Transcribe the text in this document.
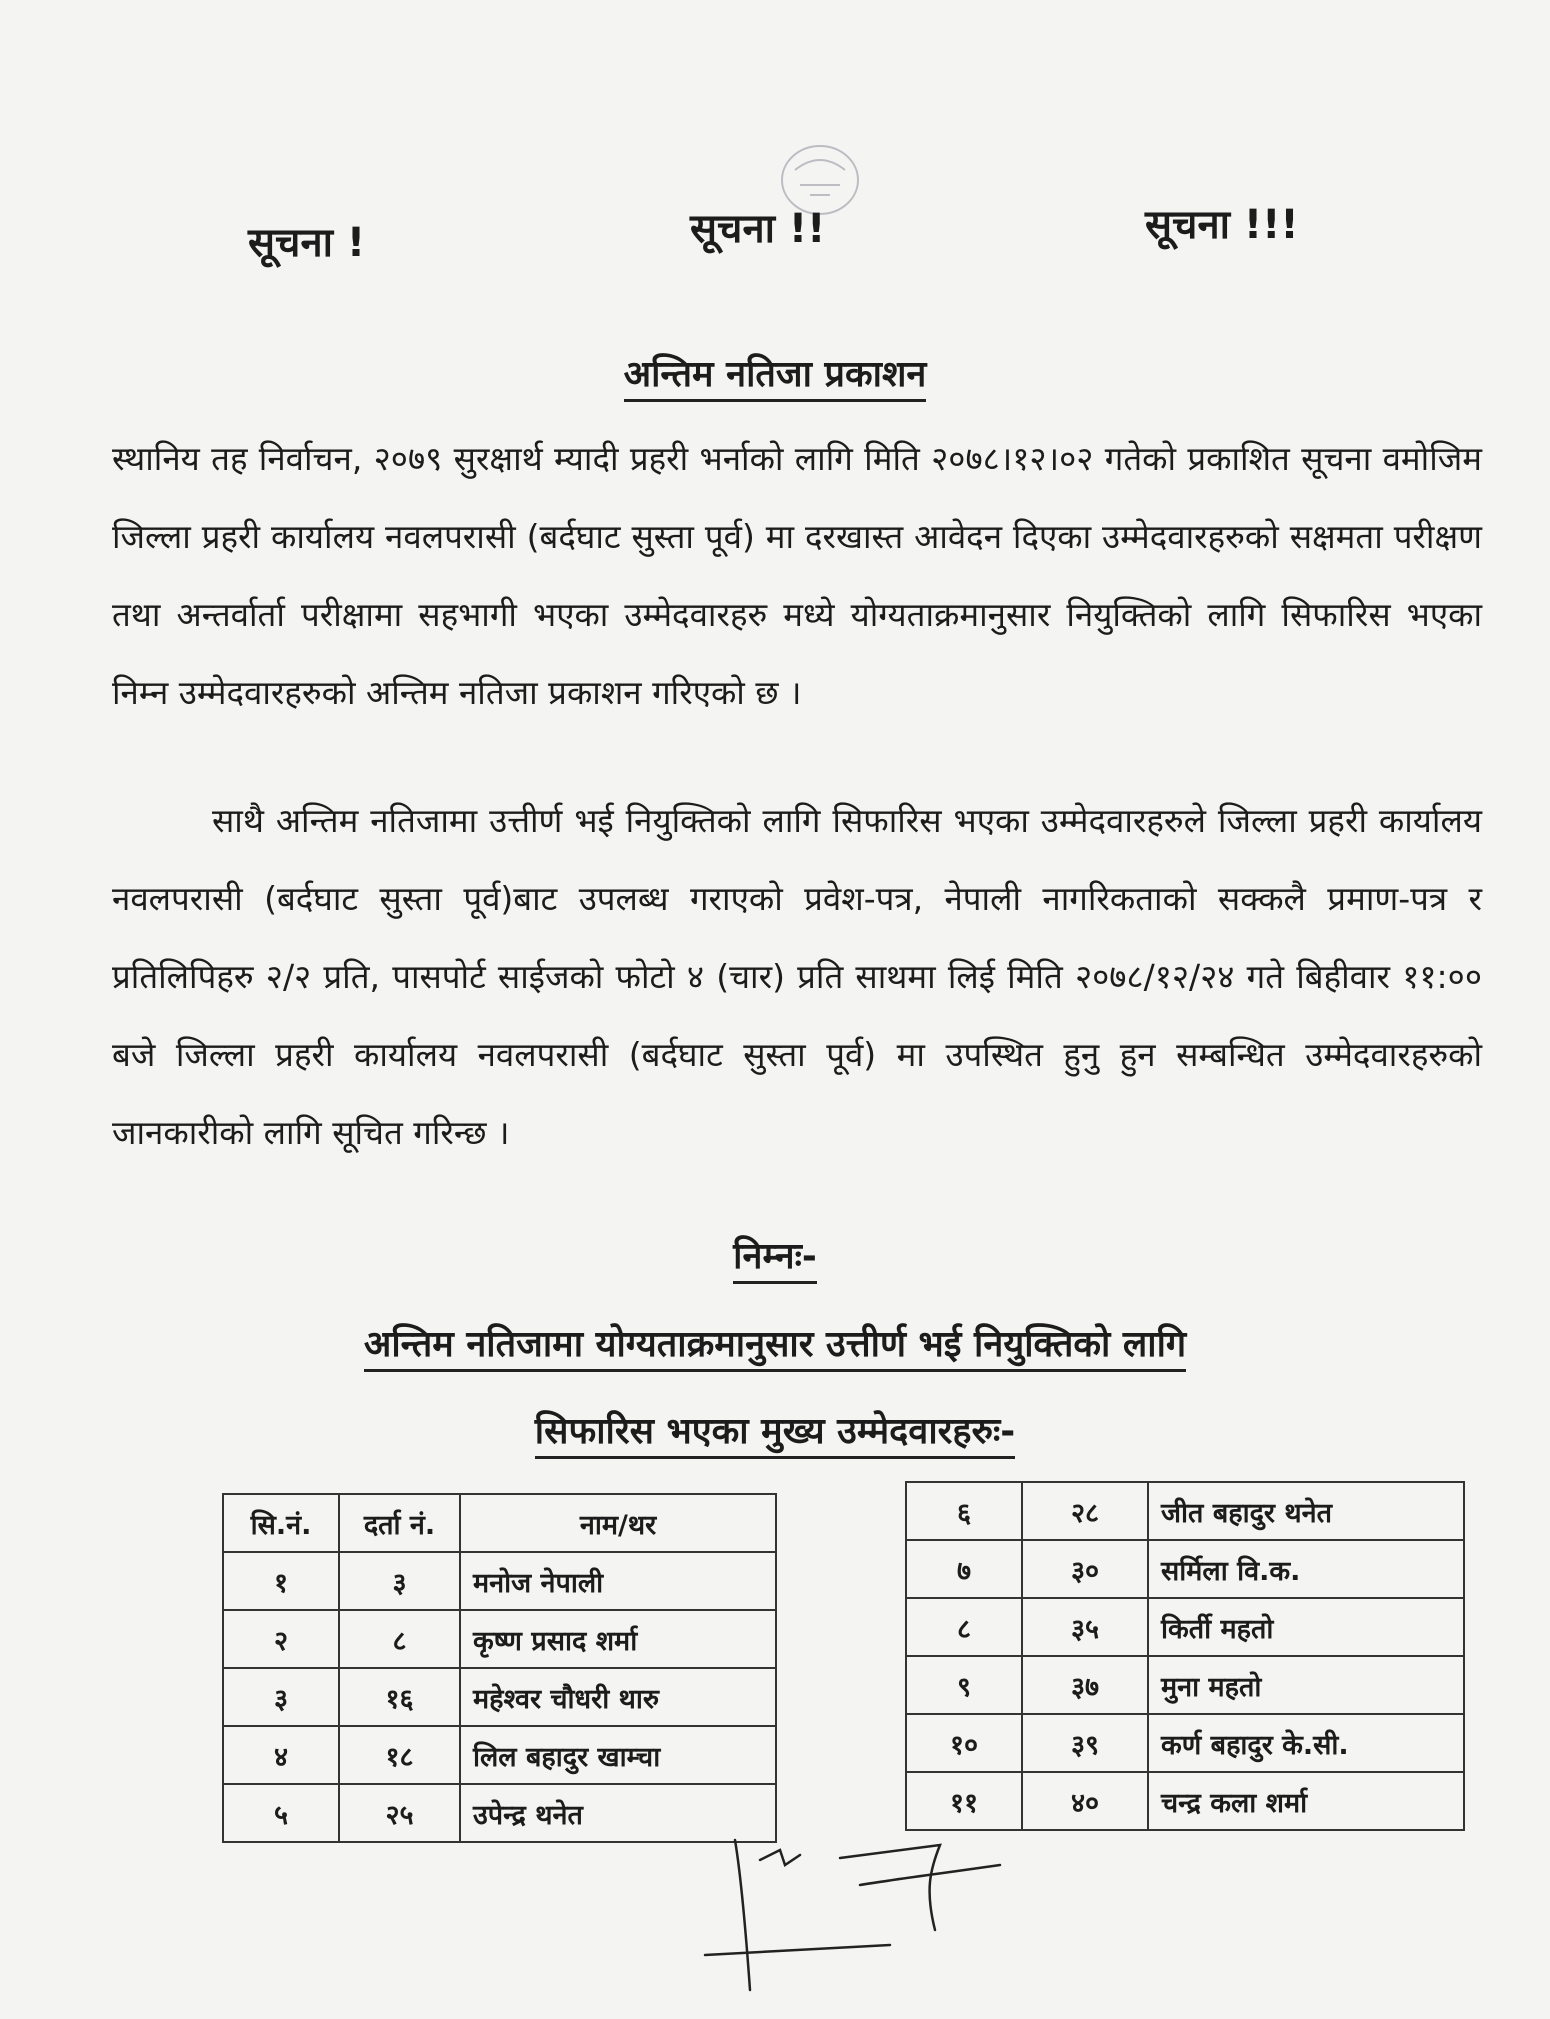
सूचना !	सूचना !!	सूचना !!!
अन्तिम नतिजा प्रकाशन
स्थानिय तह निर्वाचन, २०७९ सुरक्षार्थ म्यादी प्रहरी भर्नाको लागि मिति २०७८।१२।०२ गतेको प्रकाशित सूचना वमोजिम जिल्ला प्रहरी कार्यालय नवलपरासी (बर्दघाट सुस्ता पूर्व) मा दरखास्त आवेदन दिएका उम्मेदवारहरुको सक्षमता परीक्षण तथा अन्तर्वार्ता परीक्षामा सहभागी भएका उम्मेदवारहरु मध्ये योग्यताक्रमानुसार नियुक्तिको लागि सिफारिस भएका निम्न उम्मेदवारहरुको अन्तिम नतिजा प्रकाशन गरिएको छ ।
साथै अन्तिम नतिजामा उत्तीर्ण भई नियुक्तिको लागि सिफारिस भएका उम्मेदवारहरुले जिल्ला प्रहरी कार्यालय नवलपरासी (बर्दघाट सुस्ता पूर्व)बाट उपलब्ध गराएको प्रवेश-पत्र, नेपाली नागरिकताको सक्कलै प्रमाण-पत्र र प्रतिलिपिहरु २/२ प्रति, पासपोर्ट साईजको फोटो ४ (चार) प्रति साथमा लिई मिति २०७८/१२/२४ गते बिहीवार ११:०० बजे जिल्ला प्रहरी कार्यालय नवलपरासी (बर्दघाट सुस्ता पूर्व) मा उपस्थित हुनु हुन सम्बन्धित उम्मेदवारहरुको जानकारीको लागि सूचित गरिन्छ ।
निम्नः-
अन्तिम नतिजामा योग्यताक्रमानुसार उत्तीर्ण भई नियुक्तिको लागि
सिफारिस भएका मुख्य उम्मेदवारहरुः-
सि.नं.	दर्ता नं.	नाम/थर
१	३	मनोज नेपाली
२	८	कृष्ण प्रसाद शर्मा
३	१६	महेश्वर चौधरी थारु
४	१८	लिल बहादुर खाम्चा
५	२५	उपेन्द्र थनेत
६	२८	जीत बहादुर थनेत
७	३०	सर्मिला वि.क.
८	३५	किर्ती महतो
९	३७	मुना महतो
१०	३९	कर्ण बहादुर के.सी.
११	४०	चन्द्र कला शर्मा
